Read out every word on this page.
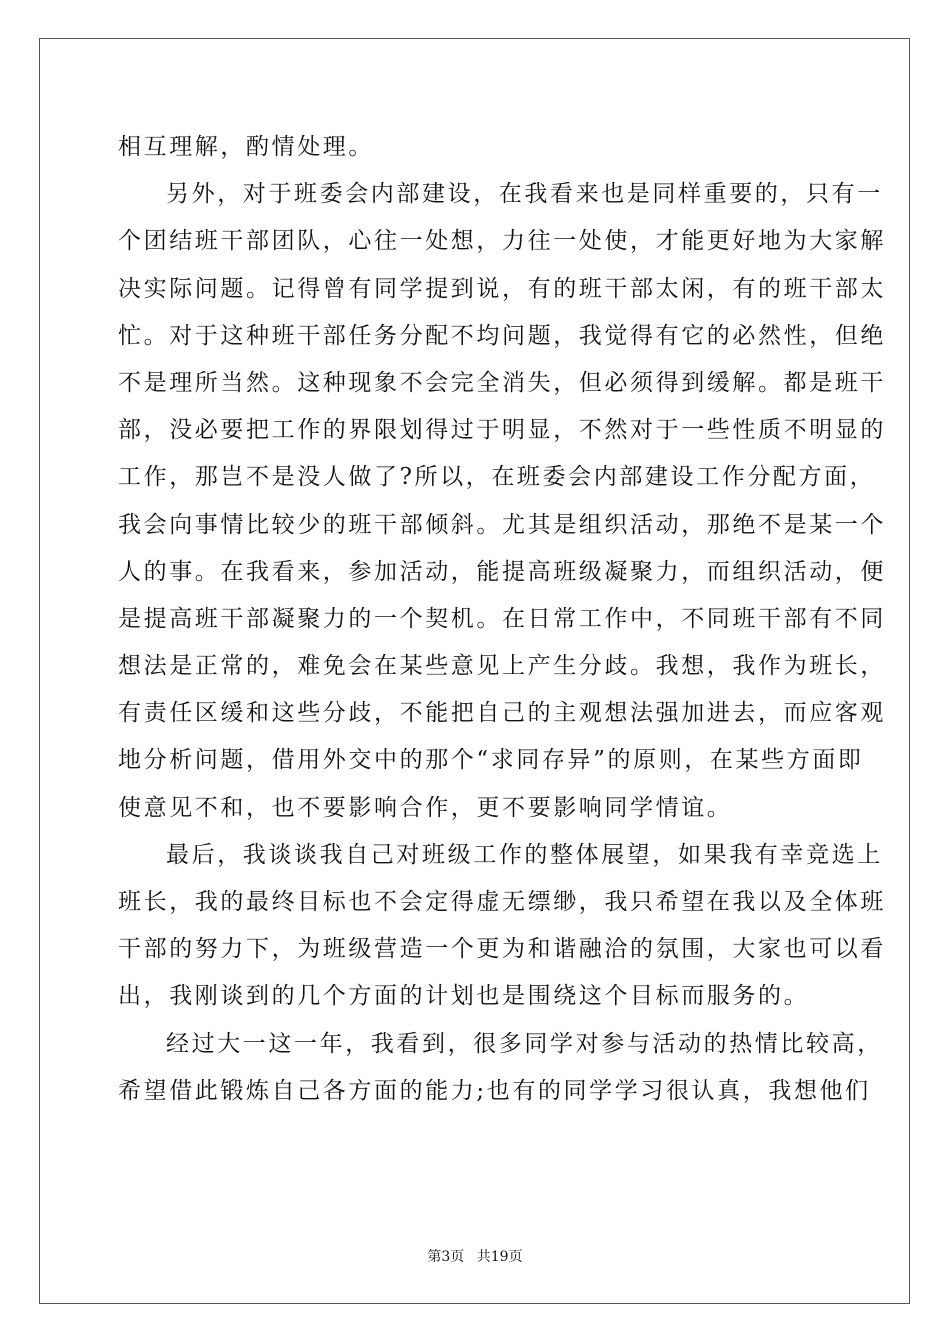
相互理解，酌情处理。
另外，对于班委会内部建设，在我看来也是同样重要的，只有一
个团结班干部团队，心往一处想，力往一处使，才能更好地为大家解
决实际问题。记得曾有同学提到说，有的班干部太闲，有的班干部太
忙。对于这种班干部任务分配不均问题，我觉得有它的必然性，但绝
不是理所当然。这种现象不会完全消失，但必须得到缓解。都是班干
部，没必要把工作的界限划得过于明显，不然对于一些性质不明显的
工作，那岂不是没人做了?所以，在班委会内部建设工作分配方面，
我会向事情比较少的班干部倾斜。尤其是组织活动，那绝不是某一个
人的事。在我看来，参加活动，能提高班级凝聚力，而组织活动，便
是提高班干部凝聚力的一个契机。在日常工作中，不同班干部有不同
想法是正常的，难免会在某些意见上产生分歧。我想，我作为班长，
有责任区缓和这些分歧，不能把自己的主观想法强加进去，而应客观
地分析问题，借用外交中的那个“求同存异”的原则，在某些方面即
使意见不和，也不要影响合作，更不要影响同学情谊。
最后，我谈谈我自己对班级工作的整体展望，如果我有幸竞选上
班长，我的最终目标也不会定得虚无缥缈，我只希望在我以及全体班
干部的努力下，为班级营造一个更为和谐融洽的氛围，大家也可以看
出，我刚谈到的几个方面的计划也是围绕这个目标而服务的。
经过大一这一年，我看到，很多同学对参与活动的热情比较高，
希望借此锻炼自己各方面的能力;也有的同学学习很认真，我想他们
第3页 共19页
